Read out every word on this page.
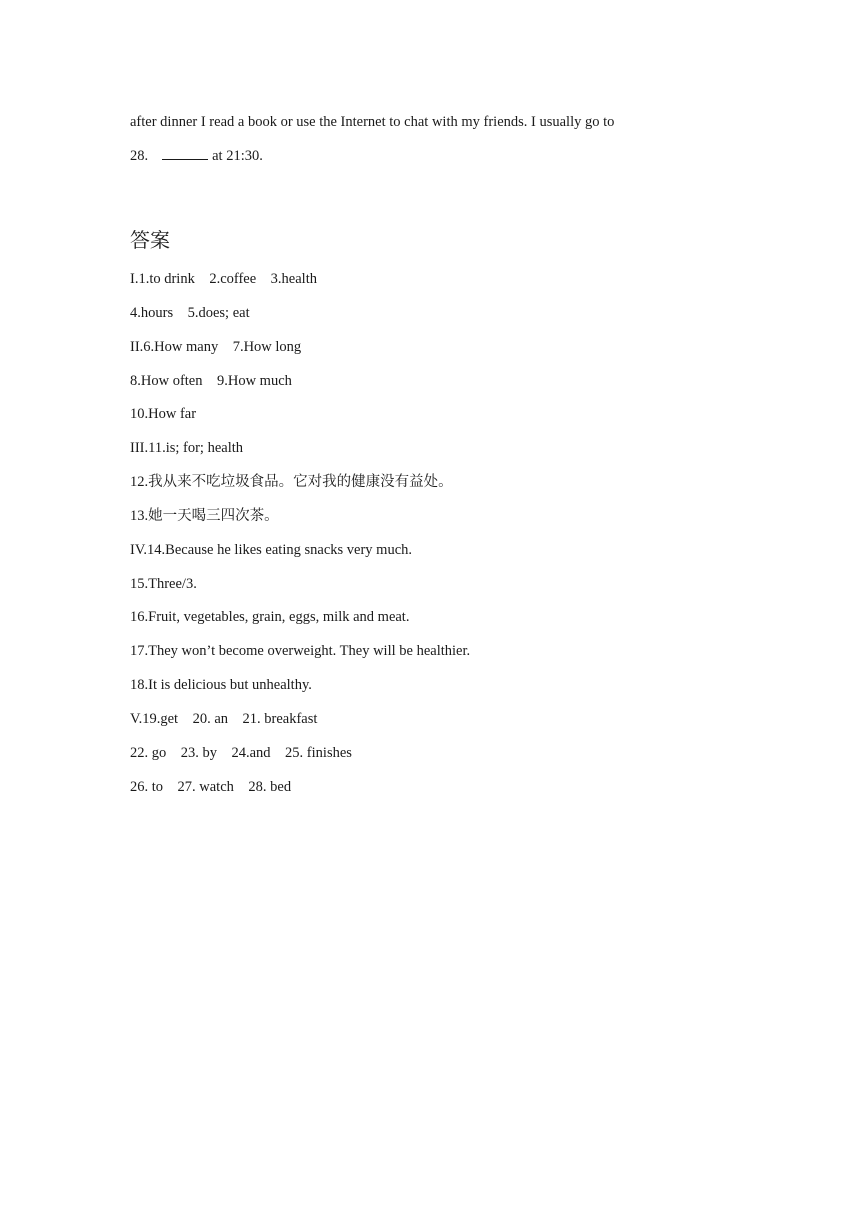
after dinner I read a book or use the Internet to chat with my friends. I usually go to
28.	at 21:30.
答案
I.1.to drink    2.coffee    3.health
4.hours    5.does; eat
II.6.How many    7.How long
8.How often    9.How much
10.How far
III.11.is; for; health
12.我从来不吃垃圾食品。它对我的健康没有益处。
13.她一天喝三四次茶。
IV.14.Because he likes eating snacks very much.
15.Three/3.
16.Fruit, vegetables, grain, eggs, milk and meat.
17.They won’t become overweight. They will be healthier.
18.It is delicious but unhealthy.
V.19.get    20. an    21. breakfast
22. go    23. by    24.and    25. finishes
26. to    27. watch    28. bed
